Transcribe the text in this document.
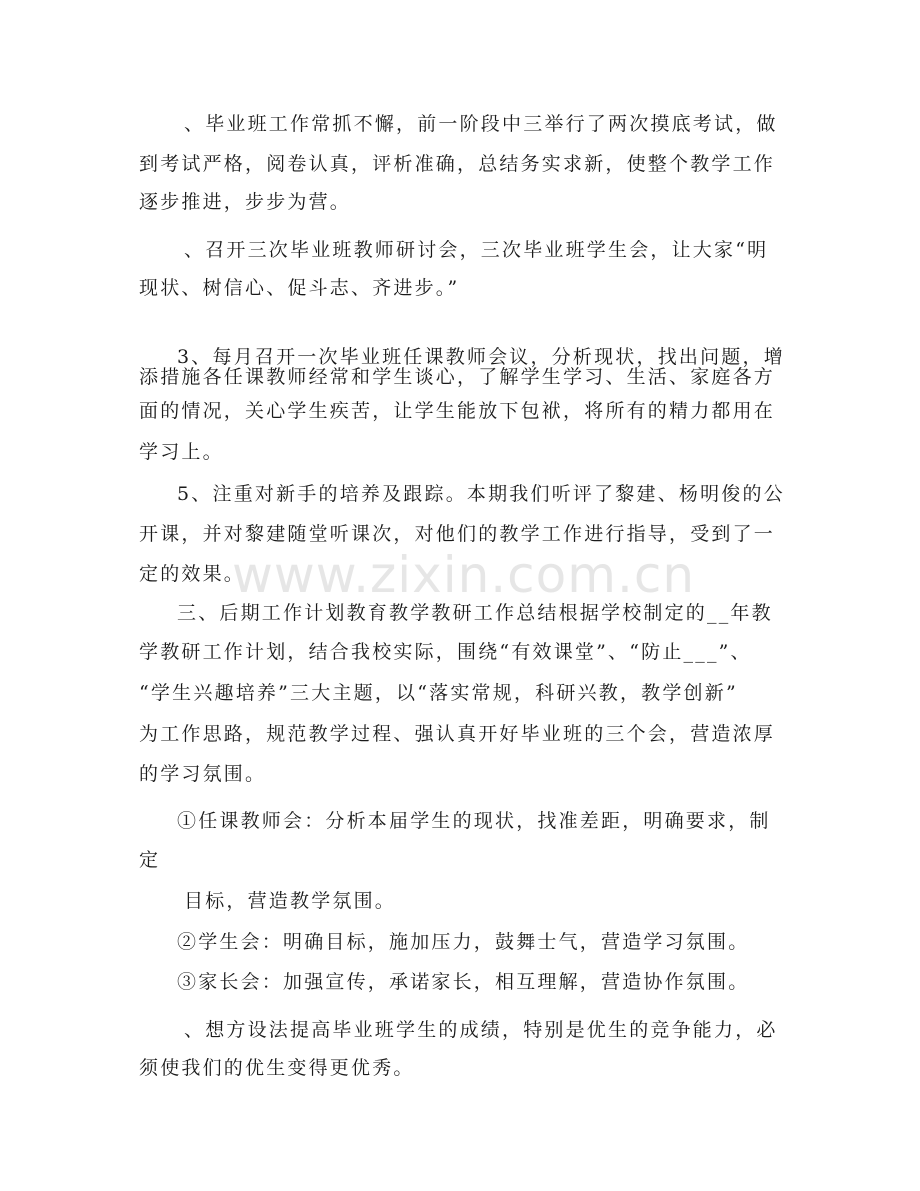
、毕业班工作常抓不懈，前一阶段中三举行了两次摸底考试，做
到考试严格，阅卷认真，评析准确，总结务实求新，使整个教学工作
逐步推进，步步为营。
、召开三次毕业班教师研讨会，三次毕业班学生会，让大家“明
现状、树信心、促斗志、齐进步。”
3、每月召开一次毕业班任课教师会议，分析现状，找出问题，增
添措施各任课教师经常和学生谈心，了解学生学习、生活、家庭各方
面的情况，关心学生疾苦，让学生能放下包袱，将所有的精力都用在
学习上。
5、注重对新手的培养及跟踪。本期我们听评了黎建、杨明俊的公
开课，并对黎建随堂听课次，对他们的教学工作进行指导，受到了一
定的效果。
三、后期工作计划教育教学教研工作总结根据学校制定的__年教
学教研工作计划，结合我校实际，围绕“有效课堂”、“防止___”、
“学生兴趣培养”三大主题，以“落实常规，科研兴教，教学创新”
为工作思路，规范教学过程、强认真开好毕业班的三个会，营造浓厚
的学习氛围。
①任课教师会：分析本届学生的现状，找准差距，明确要求，制
定
目标，营造教学氛围。
②学生会：明确目标，施加压力，鼓舞士气，营造学习氛围。
③家长会：加强宣传，承诺家长，相互理解，营造协作氛围。
、想方设法提高毕业班学生的成绩，特别是优生的竞争能力，必
须使我们的优生变得更优秀。
www.zixin.com.cn
